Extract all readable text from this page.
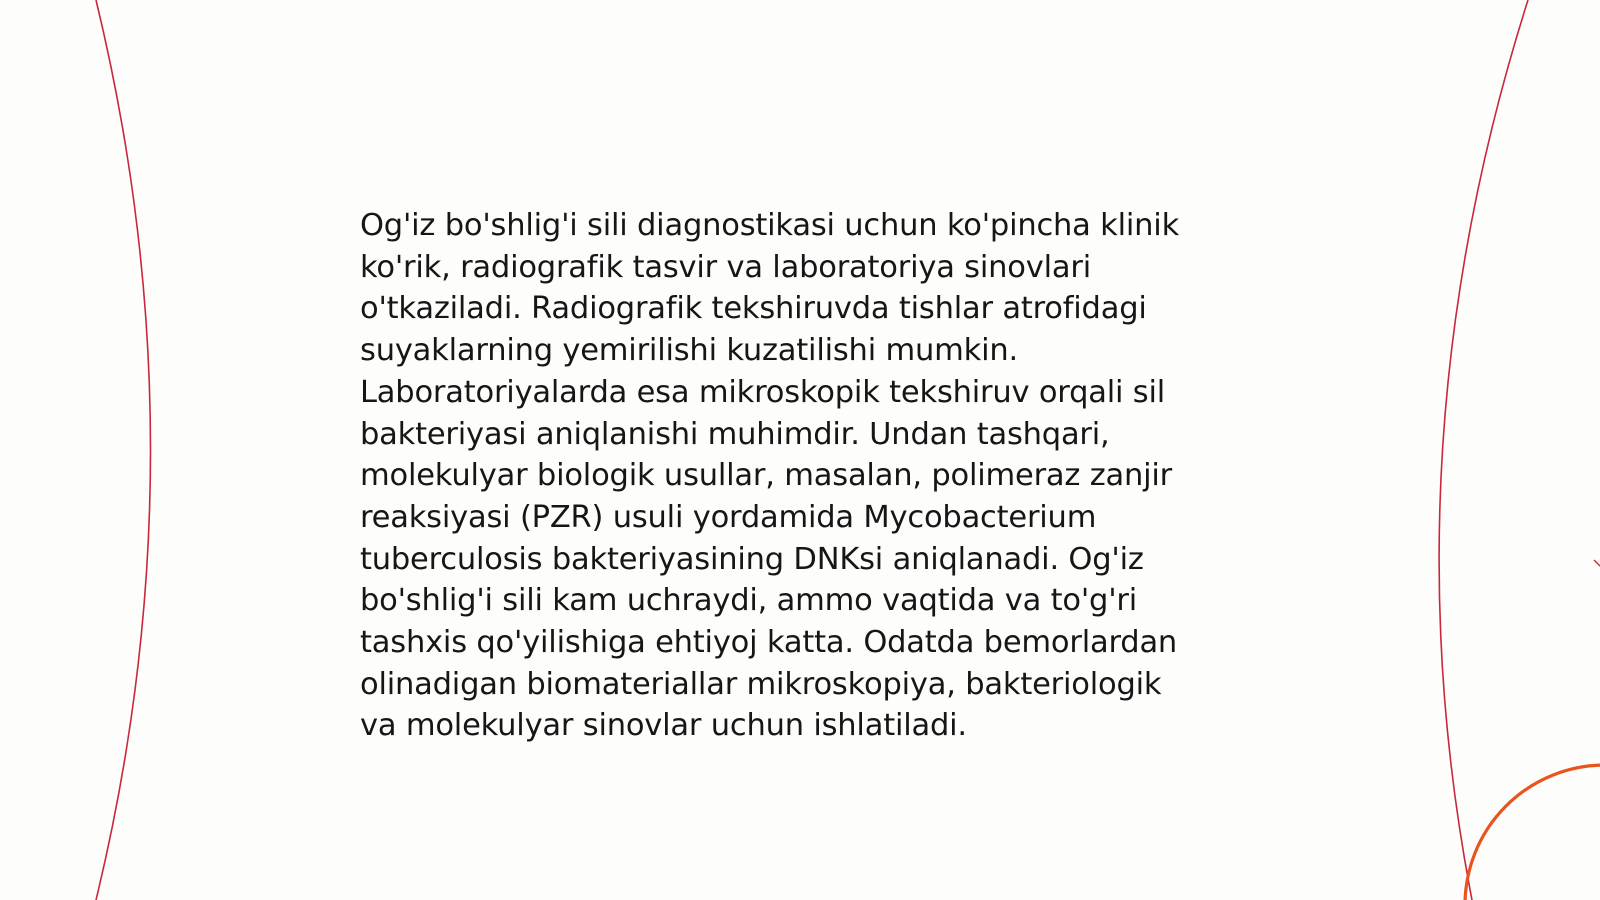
Og'iz bo'shlig'i sili diagnostikasi uchun ko'pincha klinik
ko'rik, radiografik tasvir va laboratoriya sinovlari
o'tkaziladi. Radiografik tekshiruvda tishlar atrofidagi
suyaklarning yemirilishi kuzatilishi mumkin.
Laboratoriyalarda esa mikroskopik tekshiruv orqali sil
bakteriyasi aniqlanishi muhimdir. Undan tashqari,
molekulyar biologik usullar, masalan, polimeraz zanjir
reaksiyasi (PZR) usuli yordamida Mycobacterium
tuberculosis bakteriyasining DNKsi aniqlanadi. Og'iz
bo'shlig'i sili kam uchraydi, ammo vaqtida va to'g'ri
tashxis qo'yilishiga ehtiyoj katta. Odatda bemorlardan
olinadigan biomateriallar mikroskopiya, bakteriologik
va molekulyar sinovlar uchun ishlatiladi.
